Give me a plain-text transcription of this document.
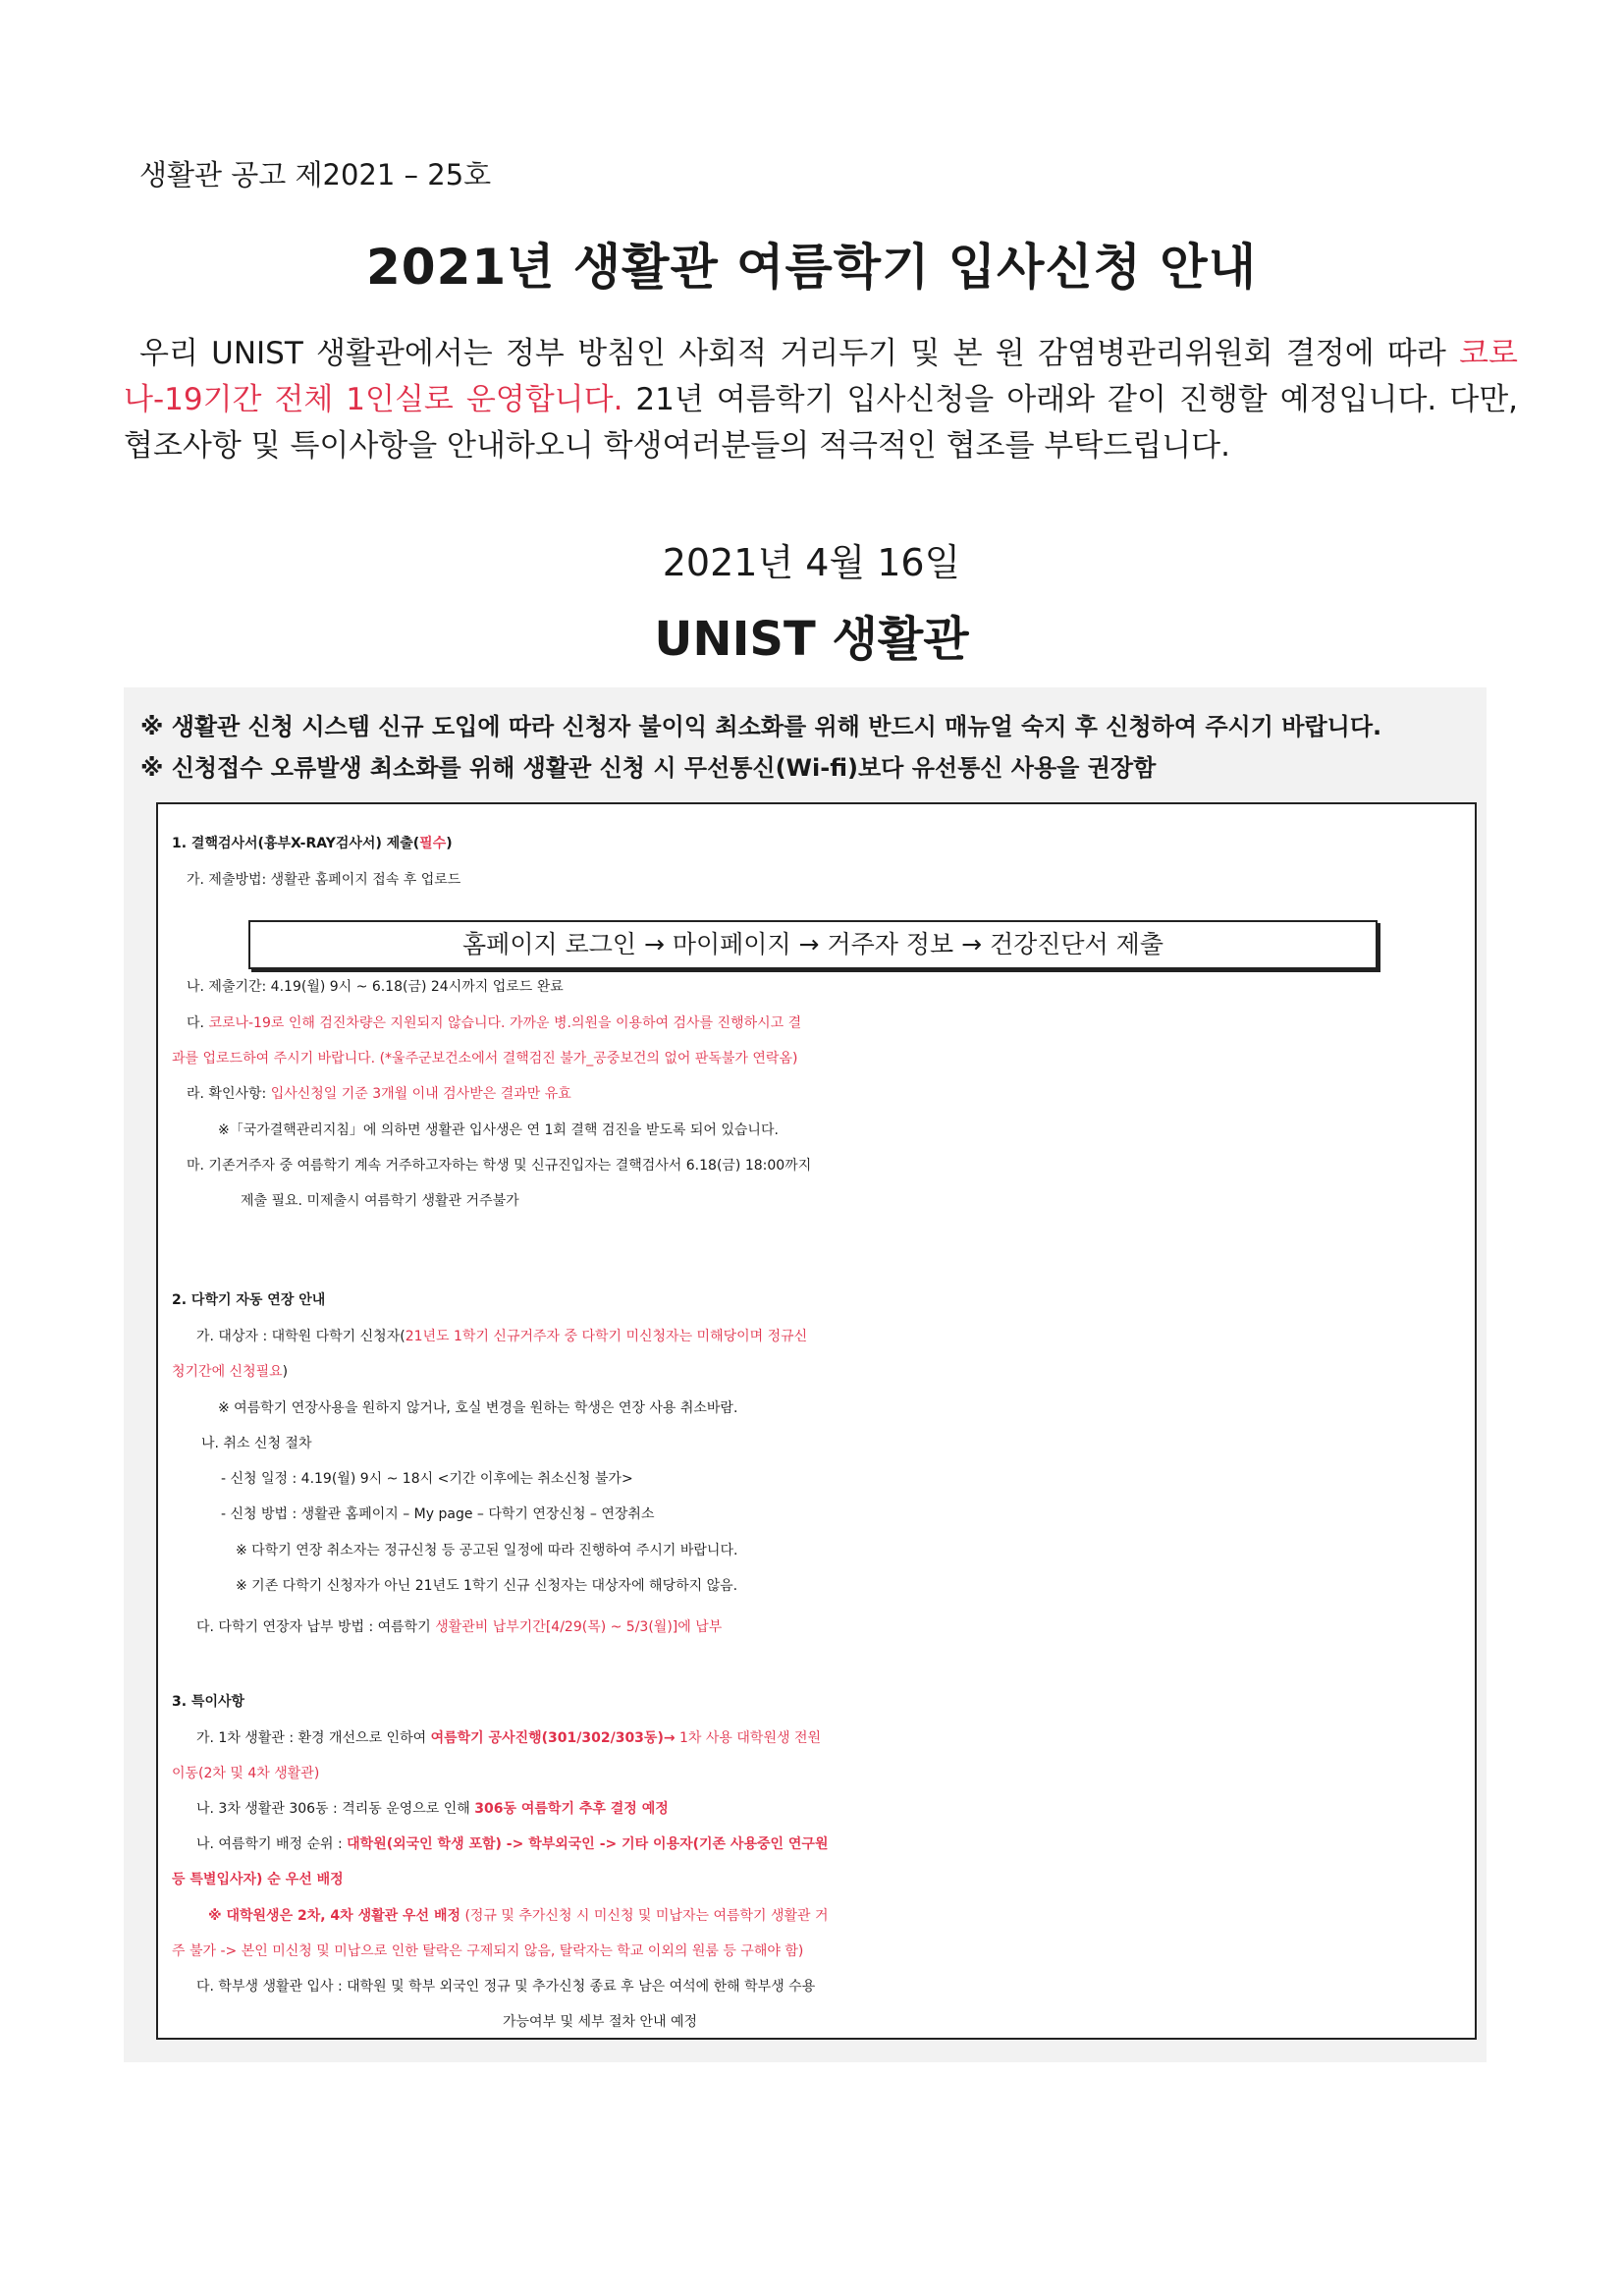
생활관 공고 제2021 – 25호
2021년 생활관 여름학기 입사신청 안내
우리 UNIST 생활관에서는 정부 방침인 사회적 거리두기 및 본 원 감염병관리위원회 결정에 따라 코로나-19기간 전체 1인실로 운영합니다. 21년 여름학기 입사신청을 아래와 같이 진행할 예정입니다. 다만, 협조사항 및 특이사항을 안내하오니 학생여러분들의 적극적인 협조를 부탁드립니다.
2021년 4월 16일
UNIST 생활관
※ 생활관 신청 시스템 신규 도입에 따라 신청자 불이익 최소화를 위해 반드시 매뉴얼 숙지 후 신청하여 주시기 바랍니다.
※ 신청접수 오류발생 최소화를 위해 생활관 신청 시 무선통신(Wi-fi)보다 유선통신 사용을 권장함
1. 결핵검사서(흉부X-RAY검사서) 제출(필수)
가. 제출방법: 생활관 홈페이지 접속 후 업로드
홈페이지 로그인 → 마이페이지 → 거주자 정보 → 건강진단서 제출
나. 제출기간: 4.19(월) 9시 ~ 6.18(금) 24시까지 업로드 완료
다. 코로나-19로 인해 검진차량은 지원되지 않습니다. 가까운 병.의원을 이용하여 검사를 진행하시고 결
과를 업로드하여 주시기 바랍니다. (*울주군보건소에서 결핵검진 불가_공중보건의 없어 판독불가 연락옴)
라. 확인사항: 입사신청일 기준 3개월 이내 검사받은 결과만 유효
※「국가결핵관리지침」에 의하면 생활관 입사생은 연 1회 결핵 검진을 받도록 되어 있습니다.
마. 기존거주자 중 여름학기 계속 거주하고자하는 학생 및 신규진입자는 결핵검사서 6.18(금) 18:00까지
제출 필요. 미제출시 여름학기 생활관 거주불가
2. 다학기 자동 연장 안내
가. 대상자 : 대학원 다학기 신청자(21년도 1학기 신규거주자 중 다학기 미신청자는 미해당이며 정규신
청기간에 신청필요)
※ 여름학기 연장사용을 원하지 않거나, 호실 변경을 원하는 학생은 연장 사용 취소바람.
나. 취소 신청 절차
- 신청 일정 : 4.19(월) 9시 ~ 18시 <기간 이후에는 취소신청 불가>
- 신청 방법 : 생활관 홈페이지 – My page – 다학기 연장신청 – 연장취소
※ 다학기 연장 취소자는 정규신청 등 공고된 일정에 따라 진행하여 주시기 바랍니다.
※ 기존 다학기 신청자가 아닌 21년도 1학기 신규 신청자는 대상자에 해당하지 않음.
다. 다학기 연장자 납부 방법 : 여름학기 생활관비 납부기간[4/29(목) ~ 5/3(월)]에 납부
3. 특이사항
가. 1차 생활관 : 환경 개선으로 인하여 여름학기 공사진행(301/302/303동)→ 1차 사용 대학원생 전원
이동(2차 및 4차 생활관)
나. 3차 생활관 306동 : 격리동 운영으로 인해 306동 여름학기 추후 결정 예정
나. 여름학기 배정 순위 : 대학원(외국인 학생 포함) -> 학부외국인 -> 기타 이용자(기존 사용중인 연구원
등 특별입사자) 순 우선 배정
※ 대학원생은 2차, 4차 생활관 우선 배정 (정규 및 추가신청 시 미신청 및 미납자는 여름학기 생활관 거
주 불가 -> 본인 미신청 및 미납으로 인한 탈락은 구제되지 않음, 탈락자는 학교 이외의 원룸 등 구해야 함)
다. 학부생 생활관 입사 : 대학원 및 학부 외국인 정규 및 추가신청 종료 후 남은 여석에 한해 학부생 수용
가능여부 및 세부 절차 안내 예정
